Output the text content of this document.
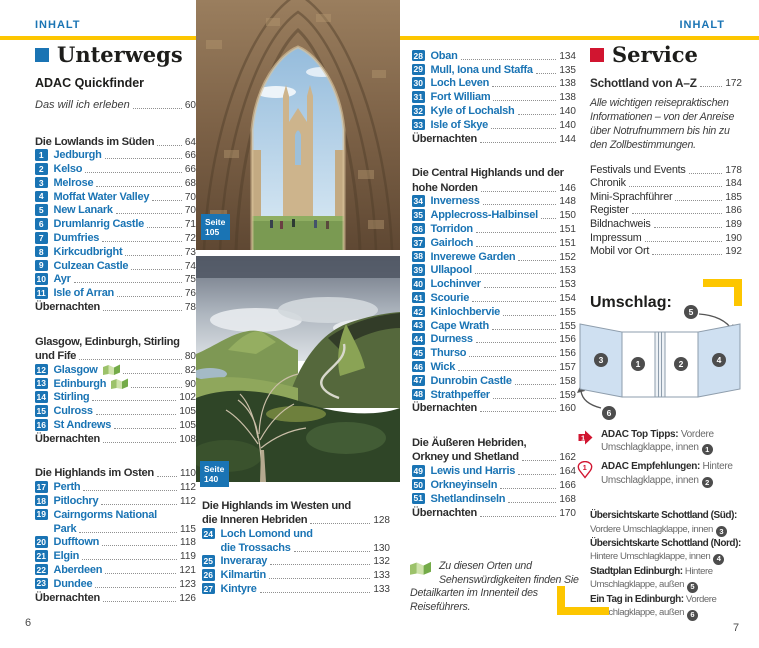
INHALT	INHALT
Seite
105
Seite
140
Unterwegs
ADAC Quickfinder
Das will ich erleben	60
Die Lowlands im Süden	64
1 Jedburgh	66
2 Kelso	66
3 Melrose	68
4 Moffat Water Valley	70
5 New Lanark	70
6 Drumlanrig Castle	71
7 Dumfries	72
8 Kirkcudbright	73
9 Culzean Castle	74
10 Ayr	75
11 Isle of Arran	76
Übernachten	78
Glasgow, Edinburgh, Stirling
und Fife	80
12 Glasgow	82
13 Edinburgh	90
14 Stirling	102
15 Culross	105
16 St Andrews	105
Übernachten	108
Die Highlands im Osten	110
17 Perth	112
18 Pitlochry	112
19 Cairngorms National
Park	115
20 Dufftown	118
21 Elgin	119
22 Aberdeen	121
23 Dundee	123
Übernachten	126
Die Highlands im Westen und
die Inneren Hebriden	128
24 Loch Lomond und
die Trossachs	130
25 Inveraray	132
26 Kilmartin	133
27 Kintyre	133
28 Oban	134
29 Mull, Iona und Staffa	135
30 Loch Leven	138
31 Fort William	138
32 Kyle of Lochalsh	140
33 Isle of Skye	140
Übernachten	144
Die Central Highlands und der
hohe Norden	146
34 Inverness	148
35 Applecross-Halbinsel 150
36 Torridon	151
37 Gairloch	151
38 Inverewe Garden	152
39 Ullapool	153
40 Lochinver	153
41 Scourie	154
42 Kinlochbervie	155
43 Cape Wrath	155
44 Durness	156
45 Thurso	156
46 Wick	157
47 Dunrobin Castle	158
48 Strathpeffer	159
Übernachten	160
Die Äußeren Hebriden,
Orkney und Shetland	162
49 Lewis und Harris	164
50 Orkneyinseln	166
51 Shetlandinseln	168
Übernachten	170
Zu diesen Orten und Sehenswürdigkeiten finden Sie Detailkarten im Innenteil des Reiseführers.
Service
Schottland von A–Z	172

Alle wichtigen reisepraktischen Informationen – von der Anreise über Notrufnummern bis hin zu den Zollbestimmungen.

Festivals und Events	178
Chronik	184
Mini-Sprachführer	185
Register	186
Bildnachweis	189
Impressum	190
Mobil vor Ort	192
Umschlag:
3	1	2	4
5
6
1 ADAC Top Tipps: Vordere Umschlagklappe, innen 1
1 ADAC Empfehlungen: Hintere Umschlagklappe, innen 2
Übersichtskarte Schottland (Süd): Vordere Umschlagklappe, innen 3
Übersichtskarte Schottland (Nord): Hintere Umschlagklappe, innen 4
Stadtplan Edinburgh: Hintere Umschlagklappe, außen 5
Ein Tag in Edinburgh: Vordere Umschlagklappe, außen 6
6	7
